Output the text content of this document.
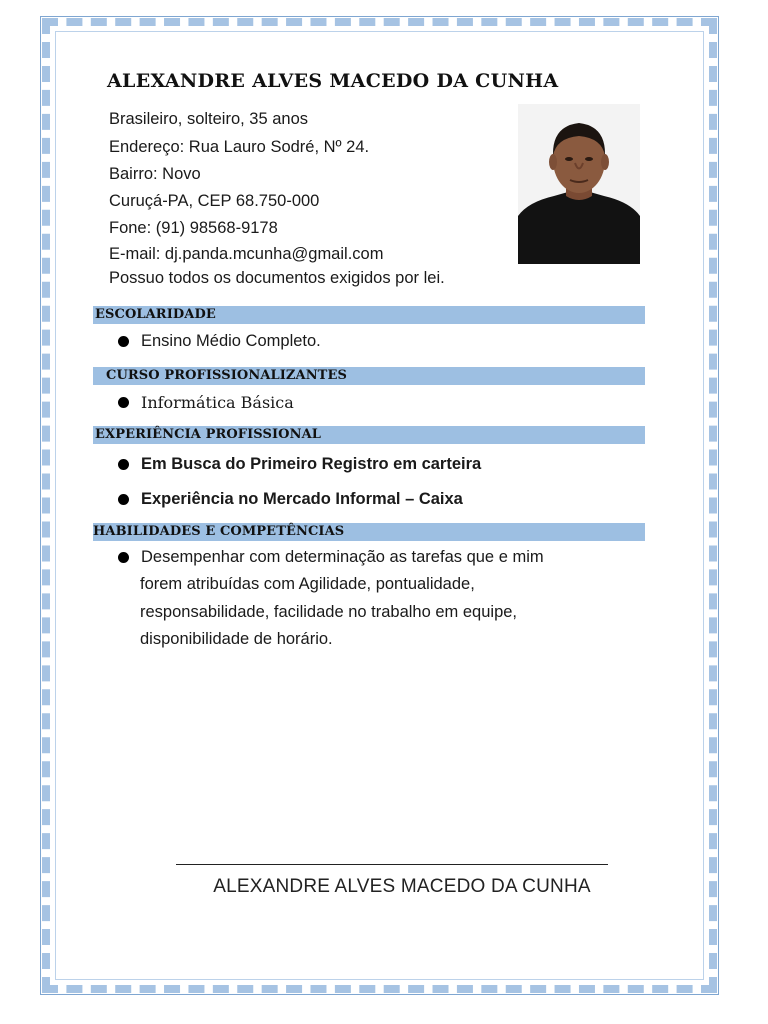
ALEXANDRE ALVES MACEDO DA CUNHA
Brasileiro, solteiro, 35 anos
Endereço: Rua Lauro Sodré, Nº 24.
Bairro: Novo
Curuçá-PA, CEP 68.750-000
Fone: (91) 98568-9178
E-mail: dj.panda.mcunha@gmail.com
Possuo todos os documentos exigidos por lei.
ESCOLARIDADE
Ensino Médio Completo.
CURSO PROFISSIONALIZANTES
Informática Básica
EXPERIÊNCIA PROFISSIONAL
Em Busca do Primeiro Registro em carteira
Experiência no Mercado Informal – Caixa
HABILIDADES E COMPETÊNCIAS
Desempenhar com determinação as tarefas que e mim
forem atribuídas com Agilidade, pontualidade,
responsabilidade, facilidade no trabalho em equipe,
disponibilidade de horário.
ALEXANDRE ALVES MACEDO DA CUNHA
